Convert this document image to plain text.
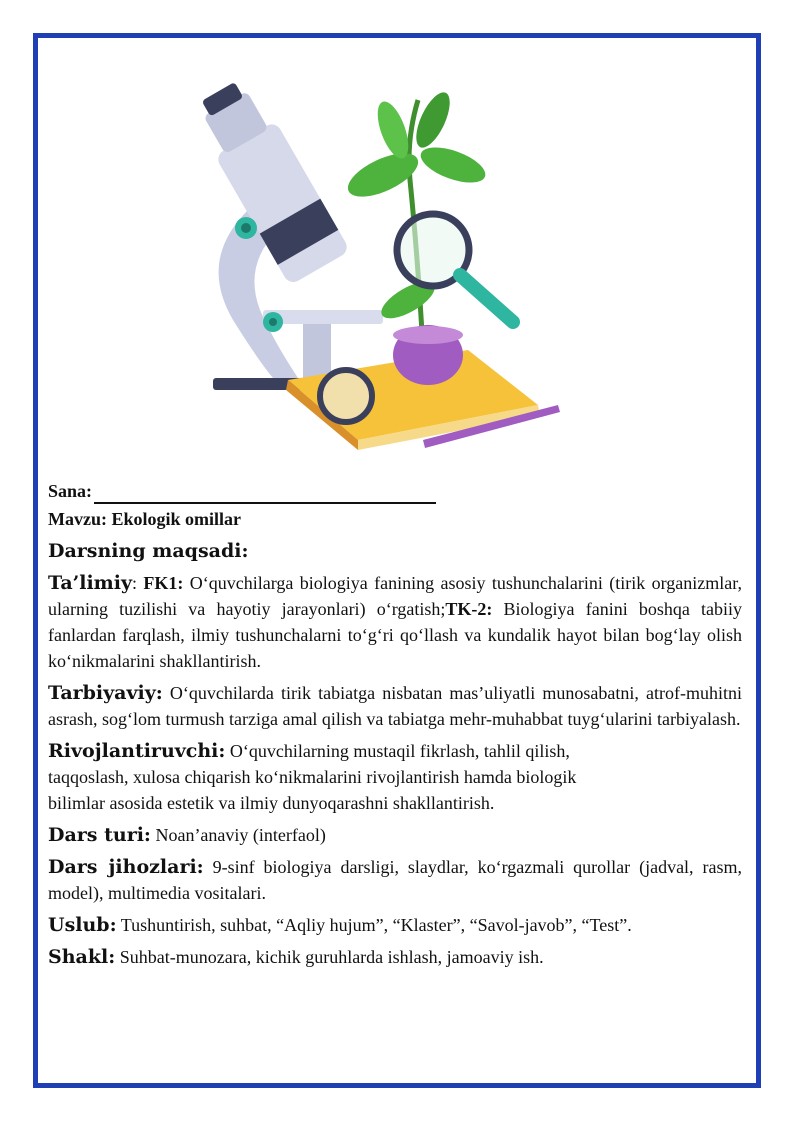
Sana:
Mavzu: Ekologik omillar
Darsning maqsadi:
Ta’limiy: FK1: O‘quvchilarga biologiya fanining asosiy tushunchalarini (tirik organizmlar, ularning tuzilishi va hayotiy jarayonlari) o‘rgatish;TK-2: Biologiya fanini boshqa tabiiy fanlardan farqlash, ilmiy tushunchalarni to‘g‘ri qo‘llash va kundalik hayot bilan bog‘lay olish ko‘nikmalarini shakllantirish.
Tarbiyaviy: O‘quvchilarda tirik tabiatga nisbatan mas’uliyatli munosabatni, atrof-muhitni asrash, sog‘lom turmush tarziga amal qilish va tabiatga mehr-muhabbat tuyg‘ularini tarbiyalash.
Rivojlantiruvchi: O‘quvchilarning mustaqil fikrlash, tahlil qilish,
taqqoslash, xulosa chiqarish ko‘nikmalarini rivojlantirish hamda biologik
bilimlar asosida estetik va ilmiy dunyoqarashni shakllantirish.
Dars turi: Noan’anaviy (interfaol)
Dars jihozlari: 9-sinf biologiya darsligi, slaydlar, ko‘rgazmali qurollar (jadval, rasm, model), multimedia vositalari.
Uslub: Tushuntirish, suhbat, “Aqliy hujum”, “Klaster”, “Savol-javob”, “Test”.
Shakl: Suhbat-munozara, kichik guruhlarda ishlash, jamoaviy ish.
